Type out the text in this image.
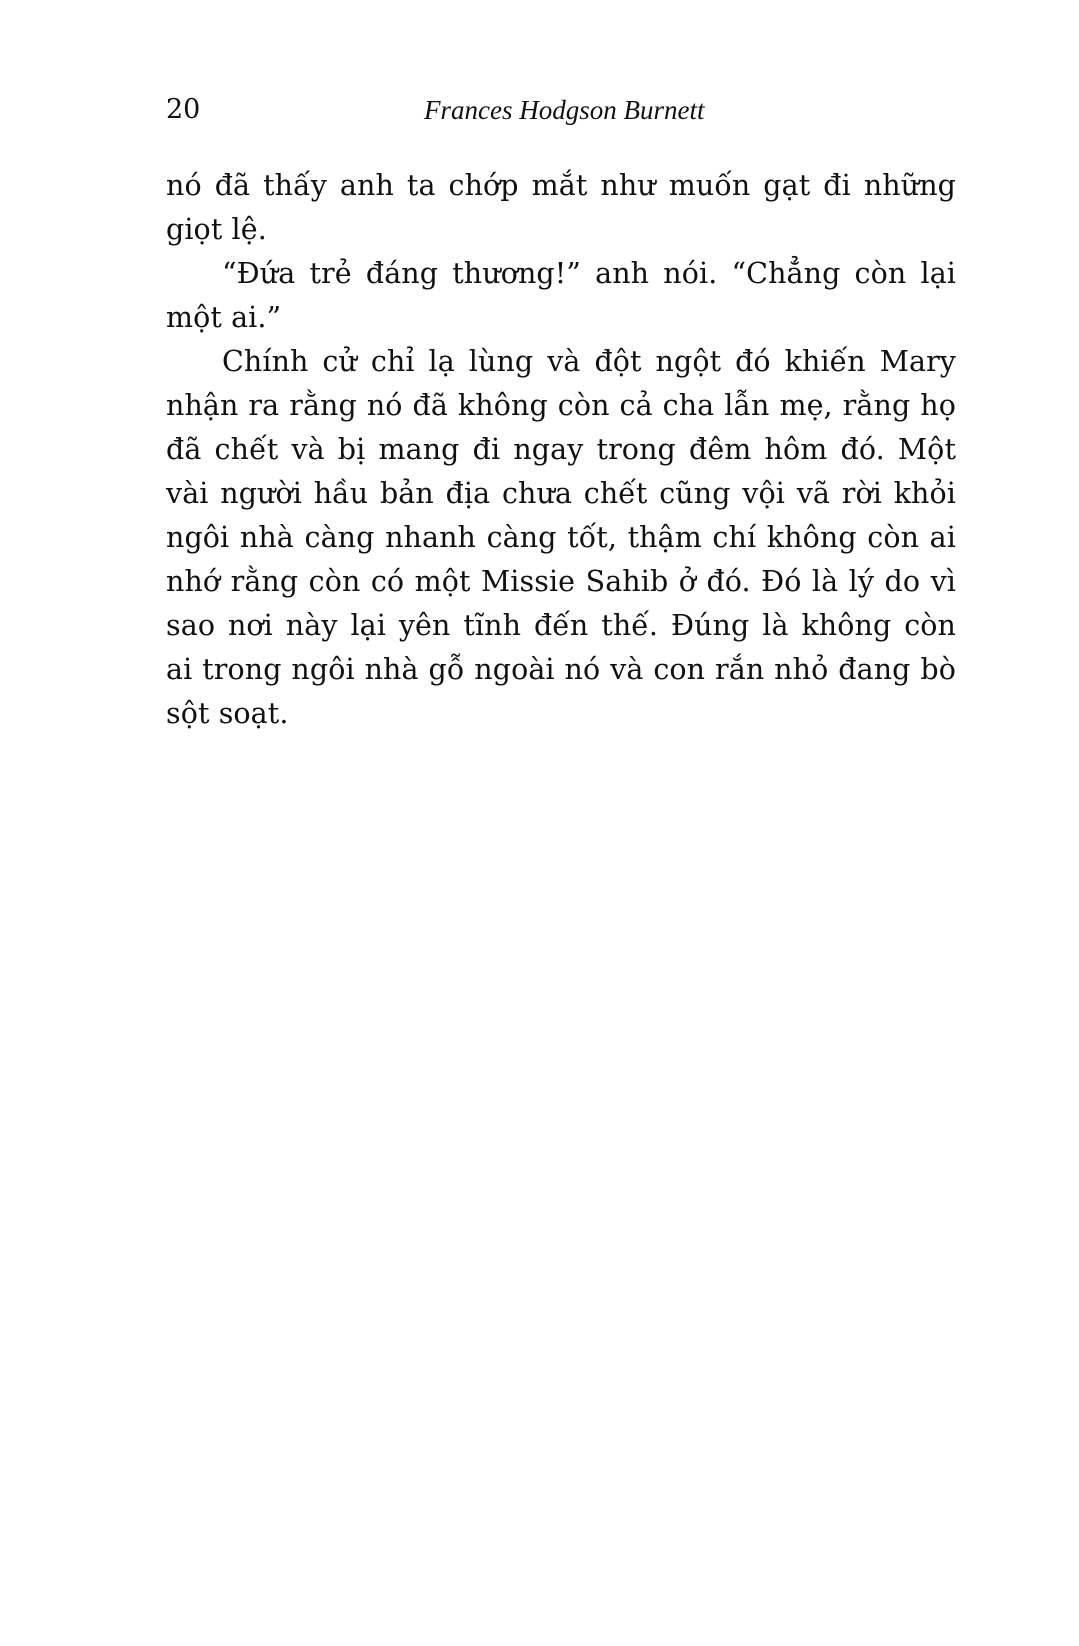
20	Frances Hodgson Burnett
nó đã thấy anh ta chớp mắt như muốn gạt đi những
giọt lệ.
“Đứa trẻ đáng thương!” anh nói. “Chẳng còn lại
một ai.”
Chính cử chỉ lạ lùng và đột ngột đó khiến Mary
nhận ra rằng nó đã không còn cả cha lẫn mẹ, rằng họ
đã chết và bị mang đi ngay trong đêm hôm đó. Một
vài người hầu bản địa chưa chết cũng vội vã rời khỏi
ngôi nhà càng nhanh càng tốt, thậm chí không còn ai
nhớ rằng còn có một Missie Sahib ở đó. Đó là lý do vì
sao nơi này lại yên tĩnh đến thế. Đúng là không còn
ai trong ngôi nhà gỗ ngoài nó và con rắn nhỏ đang bò
sột soạt.
